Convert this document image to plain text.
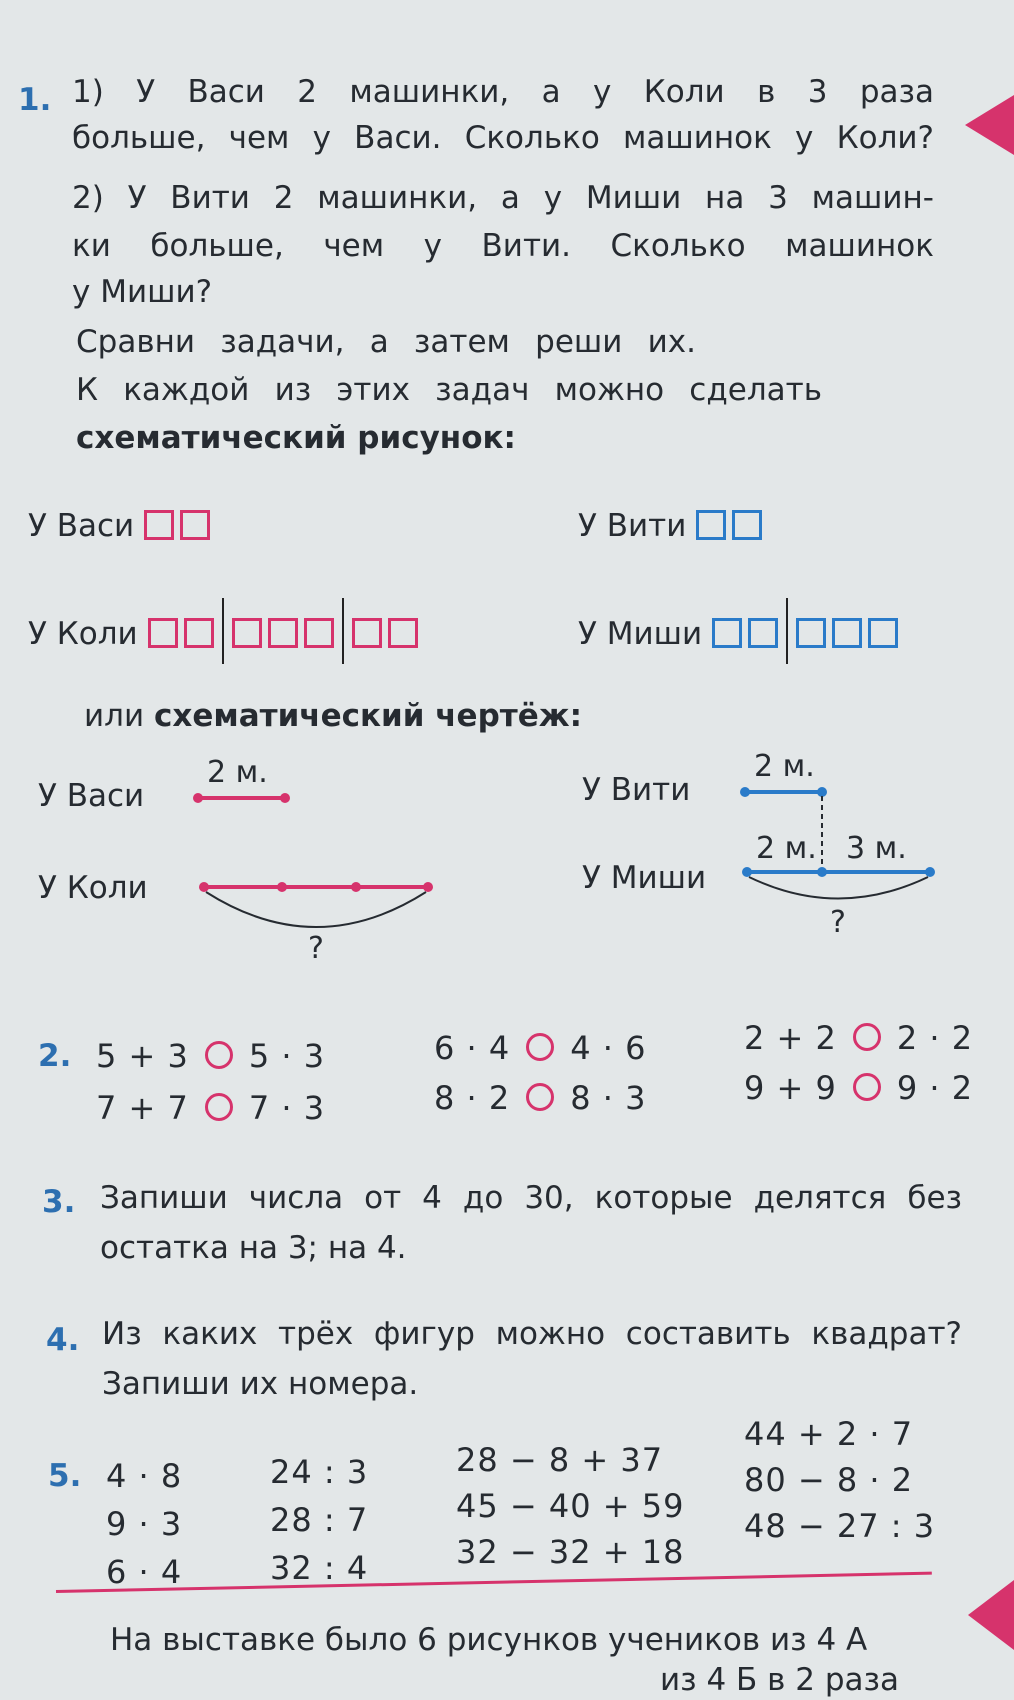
1. 1) У Васи 2 машинки, а у Коли в 3 раза
больше, чем у Васи. Сколько машинок у Коли?
2) У Вити 2 машинки, а у Миши на 3 машин-
ки больше, чем у Вити. Сколько машинок
у Миши?
Сравни задачи, а затем реши их.
К каждой из этих задач можно сделать
схематический рисунок:
У Васи
У Коли
У Вити
У Миши
или схематический чертёж:
У Васи
У Коли
У Вити
У Миши
2 м.
?
2 м.
2 м. 3 м.
?
2. 5 + 3 5 · 3
7 + 7 7 · 3
6 · 4 4 · 6
8 · 2 8 · 3
2 + 2 2 · 2
9 + 9 9 · 2
3. Запиши числа от 4 до 30, которые делятся без
остатка на 3; на 4.
4. Из каких трёх фигур можно составить квадрат?
Запиши их номера.
5. 4 · 8
9 · 3
6 · 4
24 : 3
28 : 7
32 : 4
28 − 8 + 37
45 − 40 + 59
32 − 32 + 18
44 + 2 · 7
80 − 8 · 2
48 − 27 : 3
На выставке было 6 рисунков учеников из 4 А
из 4 Б в 2 раза
